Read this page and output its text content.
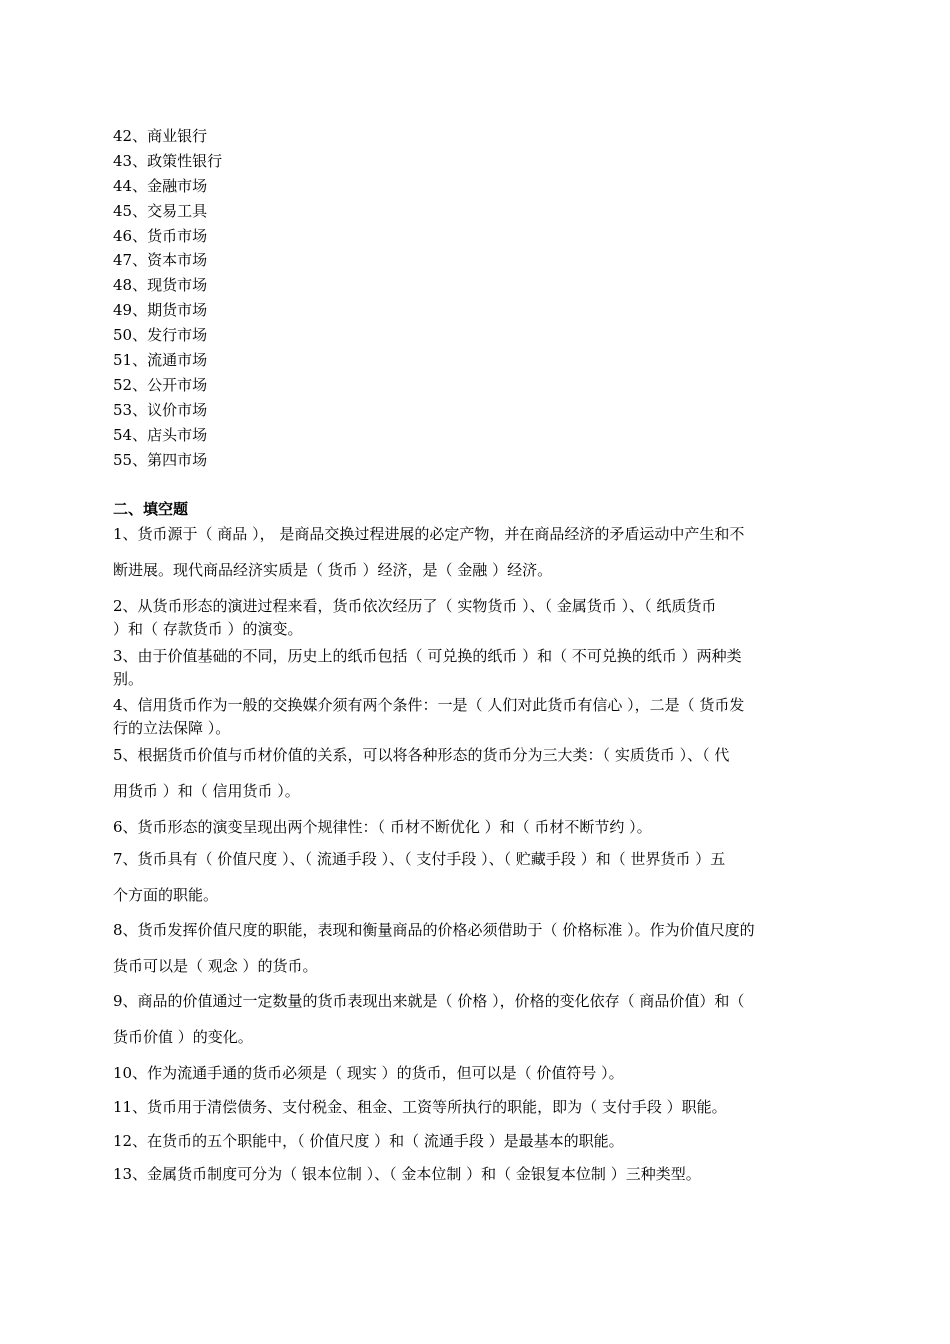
42、商业银行
43、政策性银行
44、金融市场
45、交易工具
46、货币市场
47、资本市场
48、现货市场
49、期货市场
50、发行市场
51、流通市场
52、公开市场
53、议价市场
54、店头市场
55、第四市场
二、填空题
1、货币源于（ 商品 ）， 是商品交换过程进展的必定产物，并在商品经济的矛盾运动中产生和不
断进展。现代商品经济实质是（ 货币 ）经济，是（ 金融 ）经济。
2、从货币形态的演进过程来看，货币依次经历了（ 实物货币 ）、（ 金属货币 ）、（ 纸质货币
）和（ 存款货币 ）的演变。
3、由于价值基础的不同，历史上的纸币包括（ 可兑换的纸币 ）和（ 不可兑换的纸币 ）两种类
别。
4、信用货币作为一般的交换媒介须有两个条件：一是（ 人们对此货币有信心 ），二是（ 货币发
行的立法保障 ）。
5、根据货币价值与币材价值的关系，可以将各种形态的货币分为三大类：（ 实质货币 ）、（ 代
用货币 ）和（ 信用货币 ）。
6、货币形态的演变呈现出两个规律性：（ 币材不断优化 ）和（ 币材不断节约 ）。
7、货币具有（ 价值尺度 ）、（ 流通手段 ）、（ 支付手段 ）、（ 贮藏手段 ）和（ 世界货币 ）五
个方面的职能。
8、货币发挥价值尺度的职能，表现和衡量商品的价格必须借助于（ 价格标准 ）。作为价值尺度的
货币可以是（ 观念 ）的货币。
9、商品的价值通过一定数量的货币表现出来就是（ 价格 ），价格的变化依存（ 商品价值）和（
货币价值 ）的变化。
10、作为流通手通的货币必须是（ 现实 ）的货币，但可以是（ 价值符号 ）。
11、货币用于清偿债务、支付税金、租金、工资等所执行的职能，即为（ 支付手段 ）职能。
12、在货币的五个职能中，（ 价值尺度 ）和（ 流通手段 ）是最基本的职能。
13、金属货币制度可分为（ 银本位制 ）、（ 金本位制 ）和（ 金银复本位制 ）三种类型。
